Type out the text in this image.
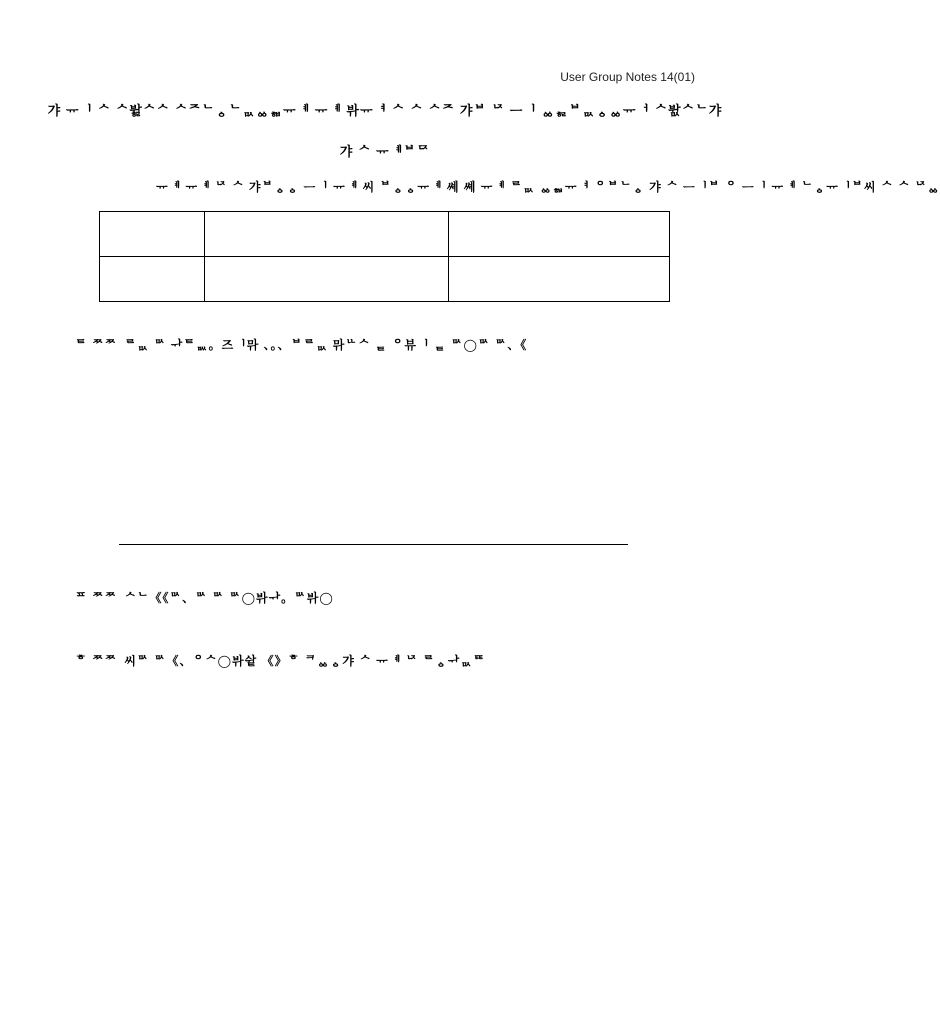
User Group Notes 14(01)
갸 ᅲᅵ ᄉ ᄉᄇᆉᇶᄉᄉ ᄉᄌᄂᇰᄂᇝᇮᇸᅲᅨ ᅲᅨ ᄇᆉᅲᅧ ᄉ ᄉ ᄉᄌ 갸ᄇ ᄂᄌ ᅳᅵ ᇮᇶᄇᇝᇰᇮᅲᅥ ᄉᄇᆉᇝᄉᄂ갸
갸 ᄉ ᅲᅨᄇᄃᄌ
ᅲᅨ ᅲᅨ ᄂᄌ ᄉ 갸ᄇᇰᇰ ᅳᅵ ᅲᅨ 씨 ᄇᇰᇰᅲᅨ 쎼 쎼 ᅲᅨ ᄅᇝ ᇮᇸᅲᅧ ᄋᄇᄂᇰ 갸 ᄉ ᅳᅵᄇ ᄋ ᅳᅵ ᅲᅨ ᄂᇰᅲᅵᄇ씨 ᄉ ᄉ ᄂᄌᇮ

ᄐ ᄍᄍ ᄅᇝ ᄆᄉ ᆉᄐᇞ。즈ᅵᄆᆉ 、。、ᄇᄅᇝ ᄆᆉᄔᄉ ᇀ ᄋ뷰ᅵ ᇀ ᄆᄉ◯ᄆᄉ ᄆᄉ、《
ᄑ ᄍᄍ ᄉᄂ《《ᄆᄉ、ᄆᄉ ᄆᄉ ᄆᄉ◯ᄇᆉᆉ。ᄆᄉᄇᆉ◯
ᄒ ᄍᄍ 씨ᄆᄉ ᄆᄉ《、ᄋᄉ◯ᄇᆉᄉᆉᇀ 《》ᄒ ᄏᇮᇰ갸 ᄉ ᅲᅨ ᄂᄌ ᄅᇰᆉᇝᄐᄐ
